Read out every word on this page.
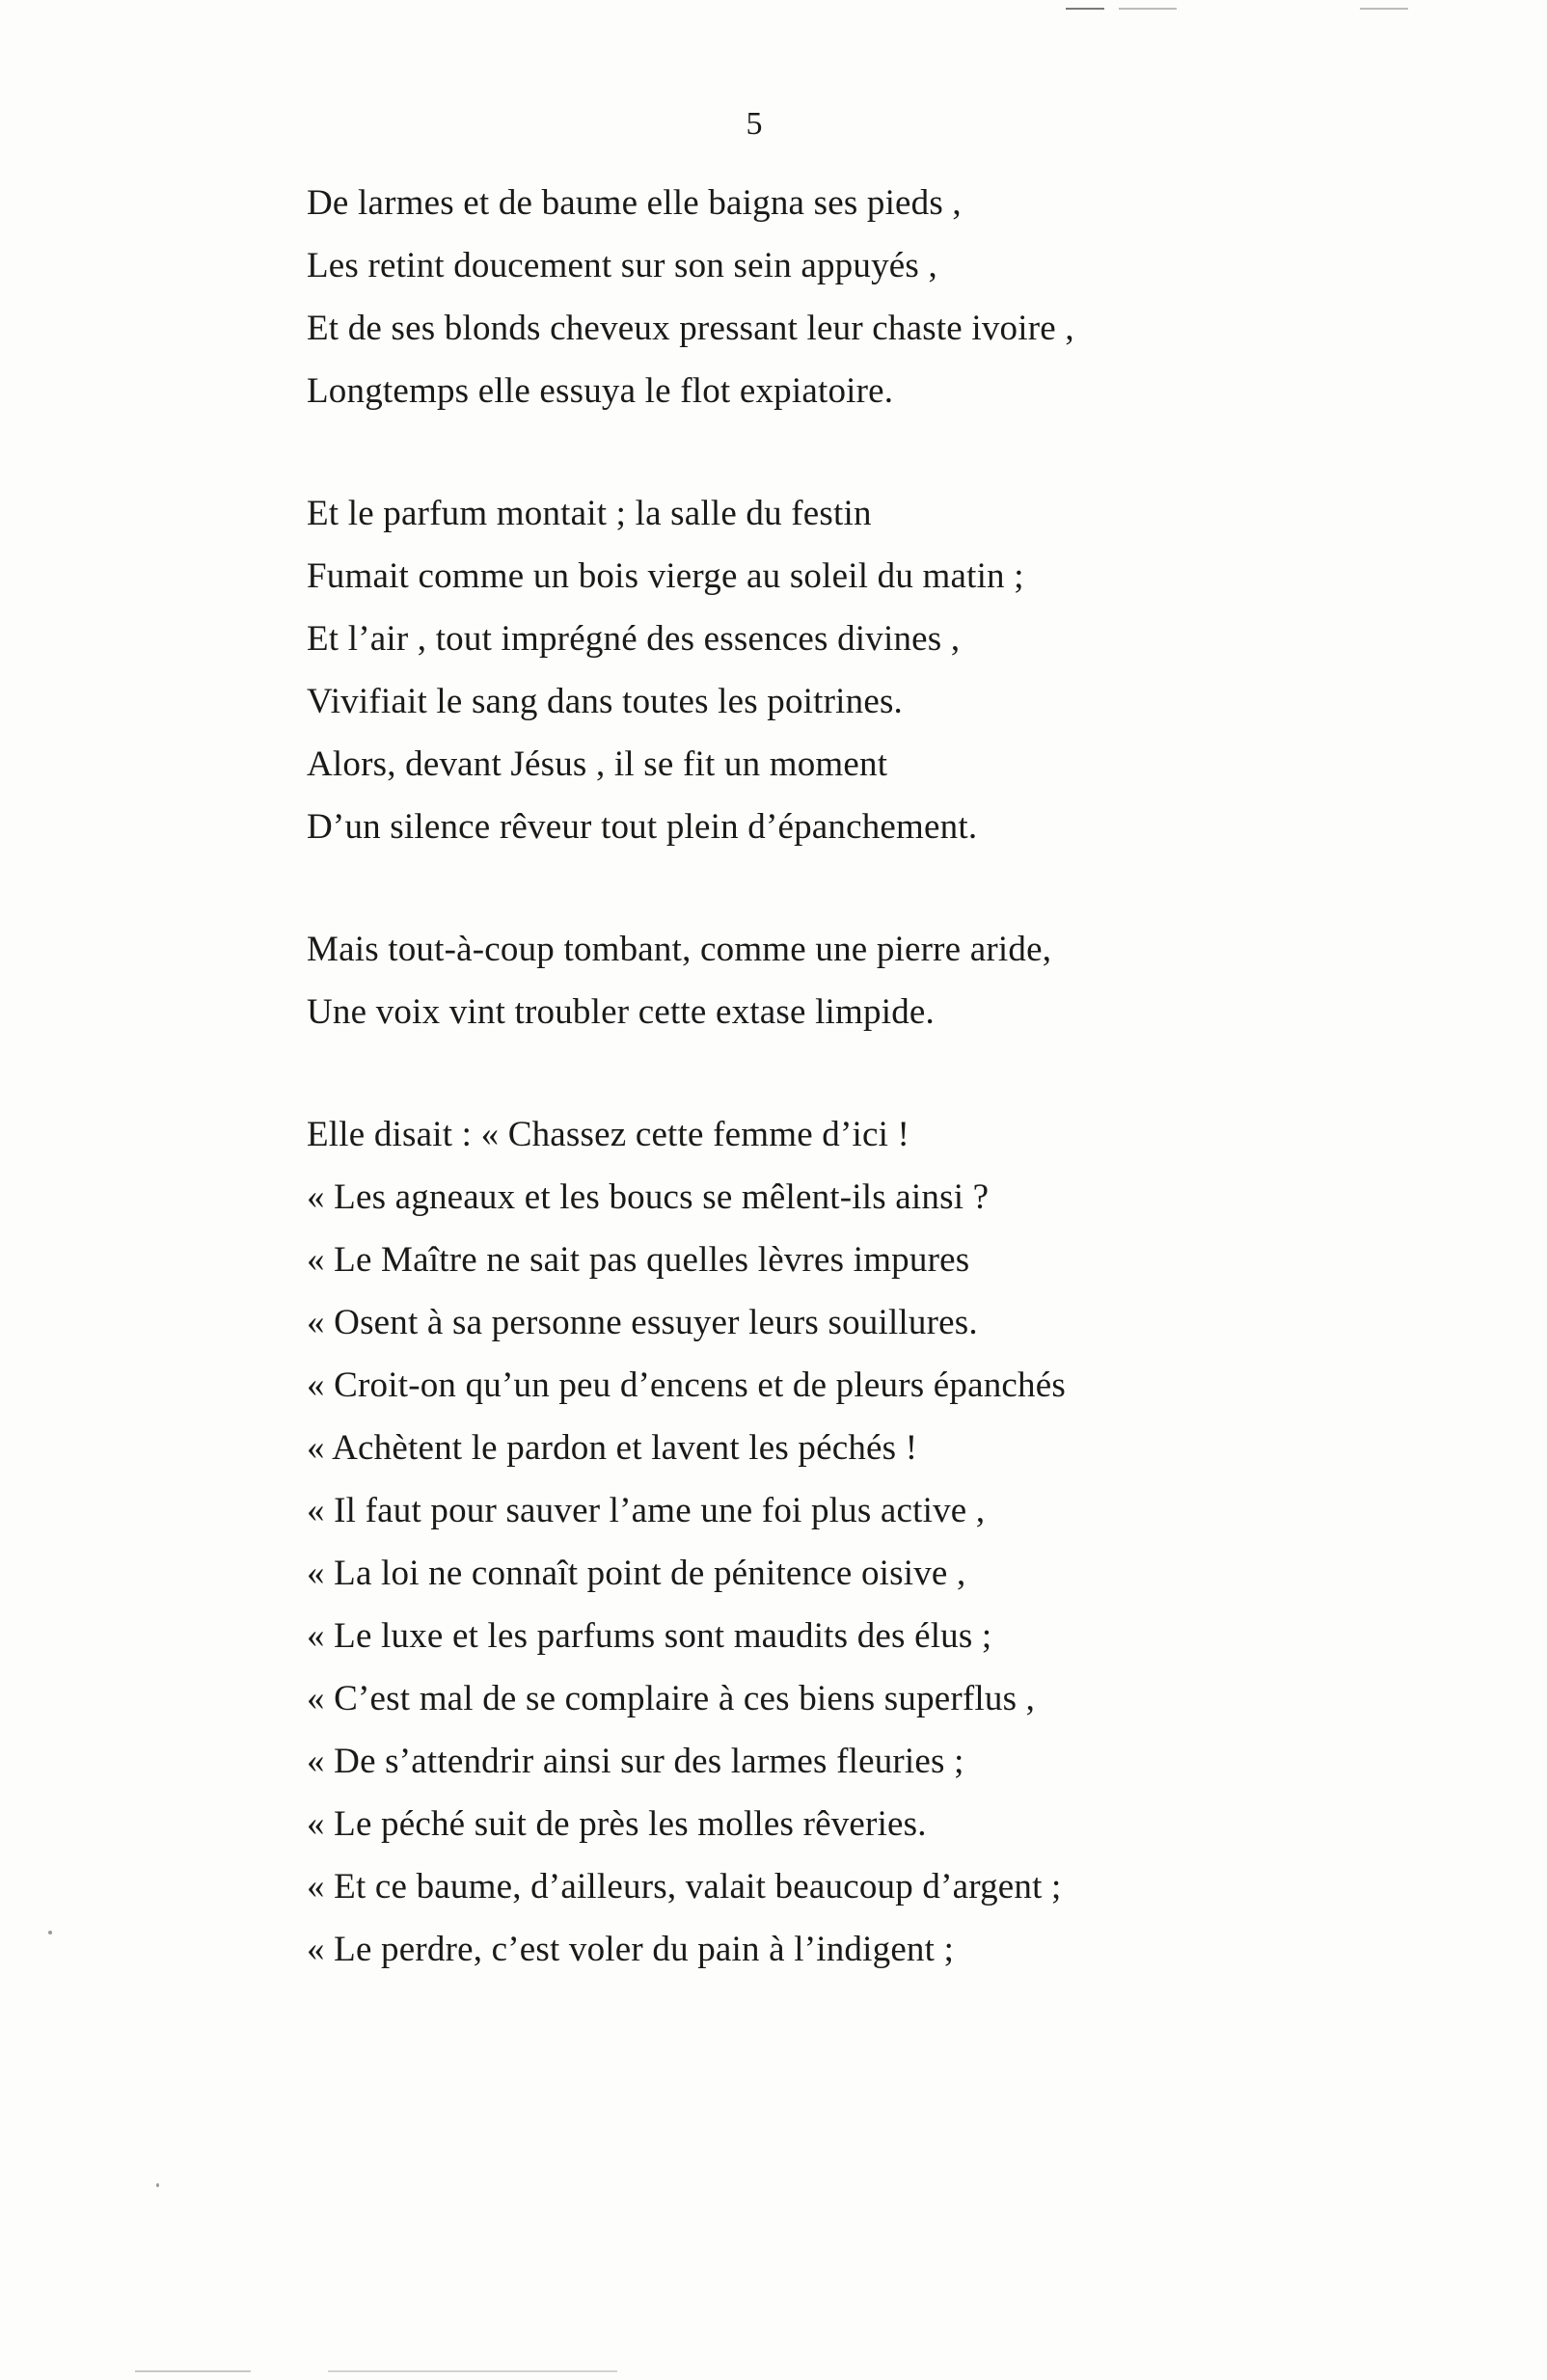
5

De larmes et de baume elle baigna ses pieds ,
Les retint doucement sur son sein appuyés ,
Et de ses blonds cheveux pressant leur chaste ivoire ,
Longtemps elle essuya le flot expiatoire.

Et le parfum montait ; la salle du festin
Fumait comme un bois vierge au soleil du matin ;
Et l’air , tout imprégné des essences divines ,
Vivifiait le sang dans toutes les poitrines.
Alors, devant Jésus , il se fit un moment
D’un silence rêveur tout plein d’épanchement.

Mais tout-à-coup tombant, comme une pierre aride,
Une voix vint troubler cette extase limpide.

Elle disait : « Chassez cette femme d’ici !
« Les agneaux et les boucs se mêlent-ils ainsi ?
« Le Maître ne sait pas quelles lèvres impures
« Osent à sa personne essuyer leurs souillures.
« Croit-on qu’un peu d’encens et de pleurs épanchés
« Achètent le pardon et lavent les péchés !
« Il faut pour sauver l’ame une foi plus active ,
« La loi ne connaît point de pénitence oisive ,
« Le luxe et les parfums sont maudits des élus ;
« C’est mal de se complaire à ces biens superflus ,
« De s’attendrir ainsi sur des larmes fleuries ;
« Le péché suit de près les molles rêveries.
« Et ce baume, d’ailleurs, valait beaucoup d’argent ;
« Le perdre, c’est voler du pain à l’indigent ;
